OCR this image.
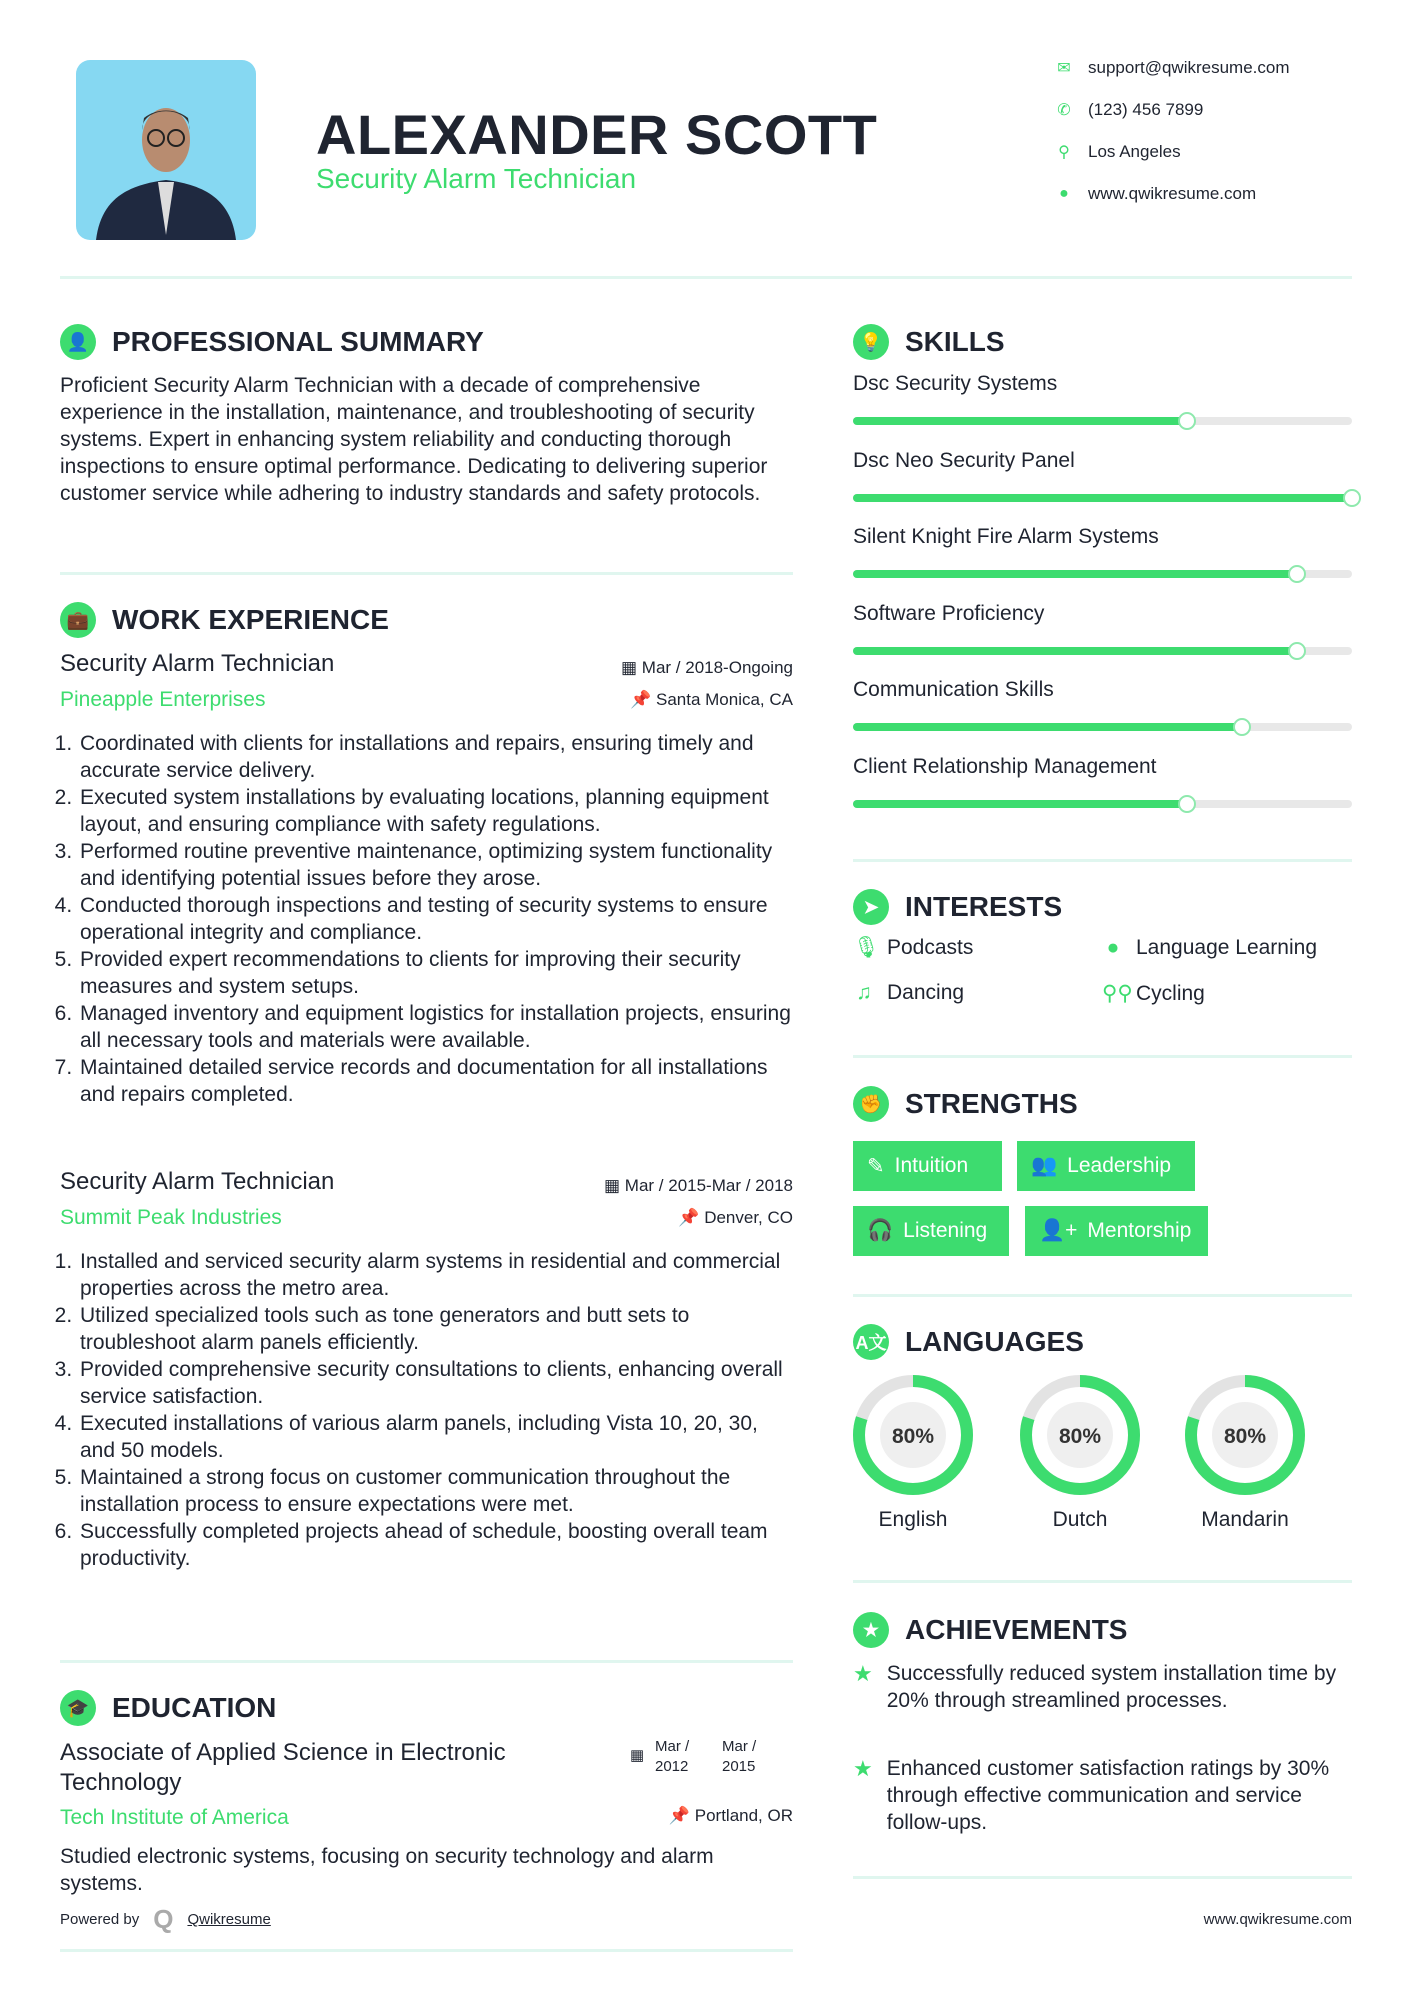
ALEXANDER SCOTT
Security Alarm Technician
✉ support@qwikresume.com
✆ (123) 456 7899
⚲ Los Angeles
●	www.qwikresume.com
👤 PROFESSIONAL SUMMARY
Proficient Security Alarm Technician with a decade of comprehensive experience in the installation, maintenance, and troubleshooting of security systems. Expert in enhancing system reliability and conducting thorough inspections to ensure optimal performance. Dedicating to delivering superior customer service while adhering to industry standards and safety protocols.
💼 WORK EXPERIENCE
Security Alarm Technician	▦ Mar / 2018-Ongoing
Pineapple Enterprises	📌 Santa Monica, CA
1. Coordinated with clients for installations and repairs, ensuring timely and accurate service delivery.
2. Executed system installations by evaluating locations, planning equipment layout, and ensuring compliance with safety regulations.
3. Performed routine preventive maintenance, optimizing system functionality and identifying potential issues before they arose.
4. Conducted thorough inspections and testing of security systems to ensure operational integrity and compliance.
5. Provided expert recommendations to clients for improving their security measures and system setups.
6. Managed inventory and equipment logistics for installation projects, ensuring all necessary tools and materials were available.
7. Maintained detailed service records and documentation for all installations and repairs completed.
Security Alarm Technician	▦ Mar / 2015-Mar / 2018
Summit Peak Industries	📌 Denver, CO
1. Installed and serviced security alarm systems in residential and commercial properties across the metro area.
2. Utilized specialized tools such as tone generators and butt sets to troubleshoot alarm panels efficiently.
3. Provided comprehensive security consultations to clients, enhancing overall service satisfaction.
4. Executed installations of various alarm panels, including Vista 10, 20, 30, and 50 models.
5. Maintained a strong focus on customer communication throughout the installation process to ensure expectations were met.
6. Successfully completed projects ahead of schedule, boosting overall team productivity.
🎓 EDUCATION
Associate of Applied Science in Electronic Technology
▦
Mar / 2012
Mar / 2015
Tech Institute of America	📌 Portland, OR
Studied electronic systems, focusing on security technology and alarm systems.
Powered by Q Qwikresume
💡 SKILLS
Dsc Security Systems
Dsc Neo Security Panel
Silent Knight Fire Alarm Systems
Software Proficiency
Communication Skills
Client Relationship Management
➤ INTERESTS
🎙 Podcasts	● Language Learning
♫ Dancing	⚲⚲ Cycling
✊ STRENGTHS
✎ Intuition	👥 Leadership
🎧 Listening 👤+ Mentorship
A文 LANGUAGES
80%
English
80%
Dutch
80%
Mandarin
★ ACHIEVEMENTS
★ Successfully reduced system installation time by 20% through streamlined processes.
★ Enhanced customer satisfaction ratings by 30% through effective communication and service follow-ups.
www.qwikresume.com
